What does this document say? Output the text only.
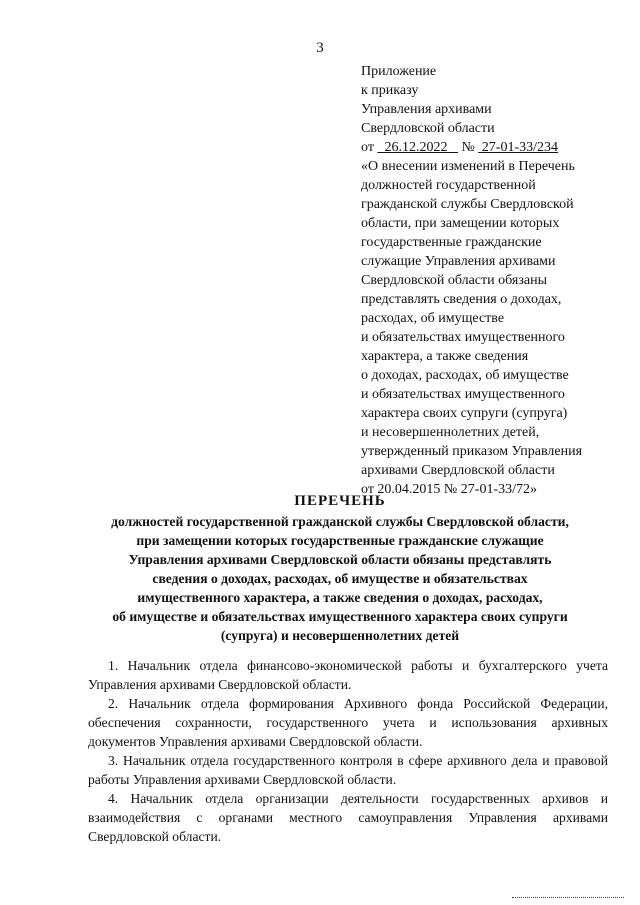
3
Приложение
к приказу
Управления архивами
Свердловской области
от 26.12.2022 № 27-01-33/234
«О внесении изменений в Перечень
должностей государственной
гражданской службы Свердловской
области, при замещении которых
государственные гражданские
служащие Управления архивами
Свердловской области обязаны
представлять сведения о доходах,
расходах, об имуществе
и обязательствах имущественного
характера, а также сведения
о доходах, расходах, об имуществе
и обязательствах имущественного
характера своих супруги (супруга)
и несовершеннолетних детей,
утвержденный приказом Управления
архивами Свердловской области
от 20.04.2015 № 27-01-33/72»
ПЕРЕЧЕНЬ
должностей государственной гражданской службы Свердловской области,
при замещении которых государственные гражданские служащие
Управления архивами Свердловской области обязаны представлять
сведения о доходах, расходах, об имуществе и обязательствах
имущественного характера, а также сведения о доходах, расходах,
об имуществе и обязательствах имущественного характера своих супруги
(супруга) и несовершеннолетних детей
1. Начальник отдела финансово-экономической работы и бухгалтерского учета Управления архивами Свердловской области.
2. Начальник отдела формирования Архивного фонда Российской Федерации, обеспечения сохранности, государственного учета и использования архивных документов Управления архивами Свердловской области.
3. Начальник отдела государственного контроля в сфере архивного дела и правовой работы Управления архивами Свердловской области.
4. Начальник отдела организации деятельности государственных архивов и взаимодействия с органами местного самоуправления Управления архивами Свердловской области.
